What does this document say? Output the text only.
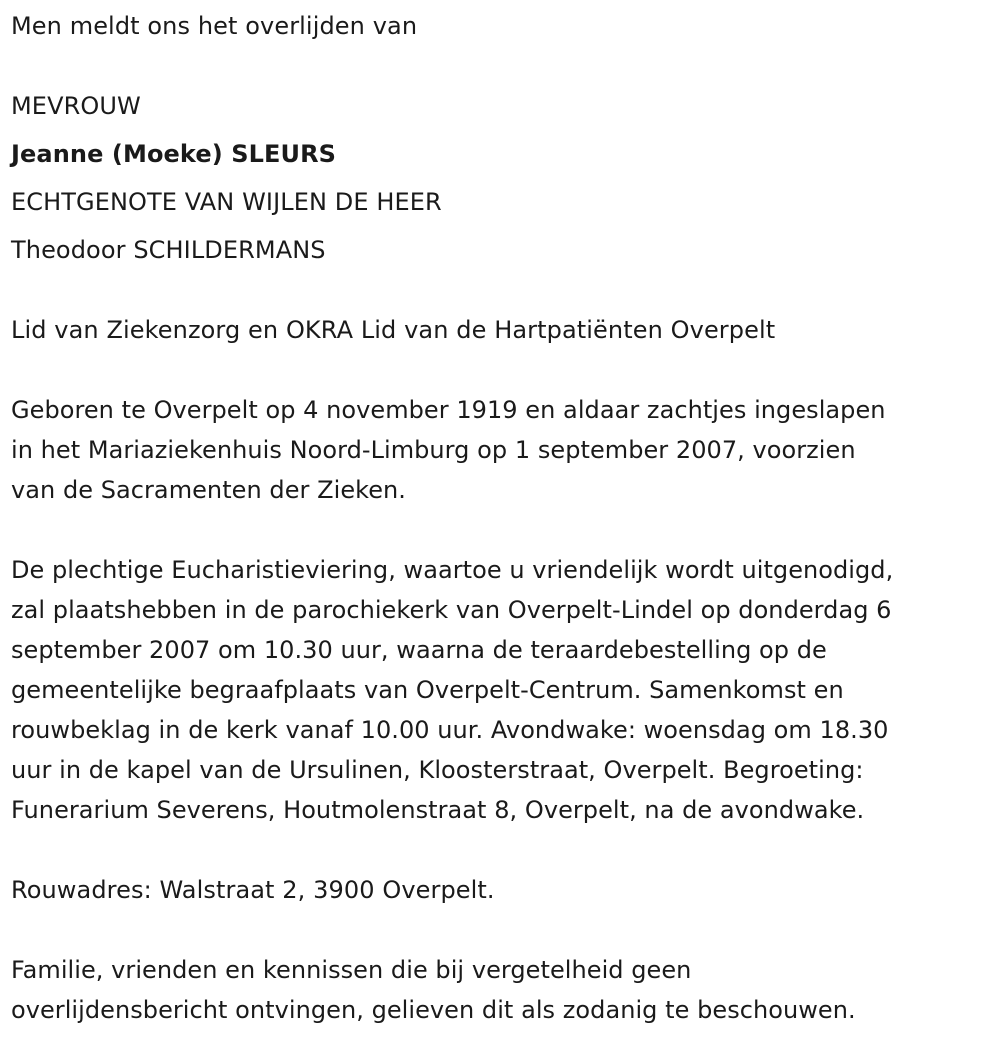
Men meldt ons het overlijden van
MEVROUW
Jeanne (Moeke) SLEURS
ECHTGENOTE VAN WIJLEN DE HEER
Theodoor SCHILDERMANS
Lid van Ziekenzorg en OKRA Lid van de Hartpatiënten Overpelt
Geboren te Overpelt op 4 november 1919 en aldaar zachtjes ingeslapen
in het Mariaziekenhuis Noord-Limburg op 1 september 2007, voorzien
van de Sacramenten der Zieken.
De plechtige Eucharistieviering, waartoe u vriendelijk wordt uitgenodigd,
zal plaatshebben in de parochiekerk van Overpelt-Lindel op donderdag 6
september 2007 om 10.30 uur, waarna de teraardebestelling op de
gemeentelijke begraafplaats van Overpelt-Centrum. Samenkomst en
rouwbeklag in de kerk vanaf 10.00 uur. Avondwake: woensdag om 18.30
uur in de kapel van de Ursulinen, Kloosterstraat, Overpelt. Begroeting:
Funerarium Severens, Houtmolenstraat 8, Overpelt, na de avondwake.
Rouwadres: Walstraat 2, 3900 Overpelt.
Familie, vrienden en kennissen die bij vergetelheid geen
overlijdensbericht ontvingen, gelieven dit als zodanig te beschouwen.
